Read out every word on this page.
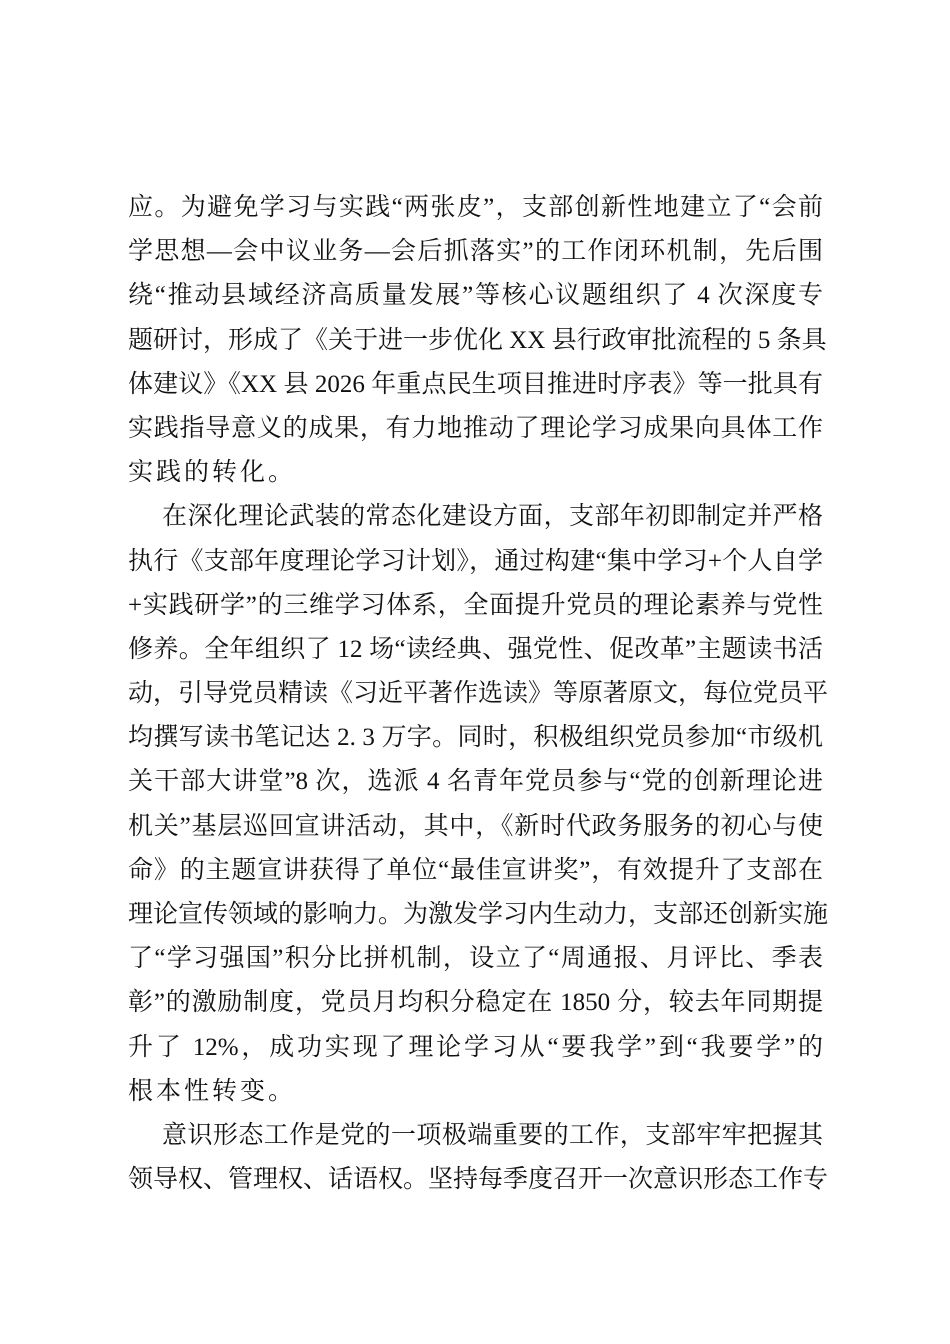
应。为避免学习与实践“两张皮”，支部创新性地建立了“会前
学思想—会中议业务—会后抓落实”的工作闭环机制，先后围
绕“推动县域经济高质量发展”等核心议题组织了 4 次深度专
题研讨，形成了《关于进一步优化 XX 县行政审批流程的 5 条具
体建议》《XX 县 2026 年重点民生项目推进时序表》等一批具有
实践指导意义的成果，有力地推动了理论学习成果向具体工作
实践的转化。
在深化理论武装的常态化建设方面，支部年初即制定并严格
执行《支部年度理论学习计划》，通过构建“集中学习+个人自学
+实践研学”的三维学习体系，全面提升党员的理论素养与党性
修养。全年组织了 12 场“读经典、强党性、促改革”主题读书活
动，引导党员精读《习近平著作选读》等原著原文，每位党员平
均撰写读书笔记达 2. 3 万字。同时，积极组织党员参加“市级机
关干部大讲堂”8 次，选派 4 名青年党员参与“党的创新理论进
机关”基层巡回宣讲活动，其中，《新时代政务服务的初心与使
命》的主题宣讲获得了单位“最佳宣讲奖”，有效提升了支部在
理论宣传领域的影响力。为激发学习内生动力，支部还创新实施
了“学习强国”积分比拼机制，设立了“周通报、月评比、季表
彰”的激励制度，党员月均积分稳定在 1850 分，较去年同期提
升了 12%，成功实现了理论学习从“要我学”到“我要学”的
根本性转变。
意识形态工作是党的一项极端重要的工作，支部牢牢把握其
领导权、管理权、话语权。坚持每季度召开一次意识形态工作专
